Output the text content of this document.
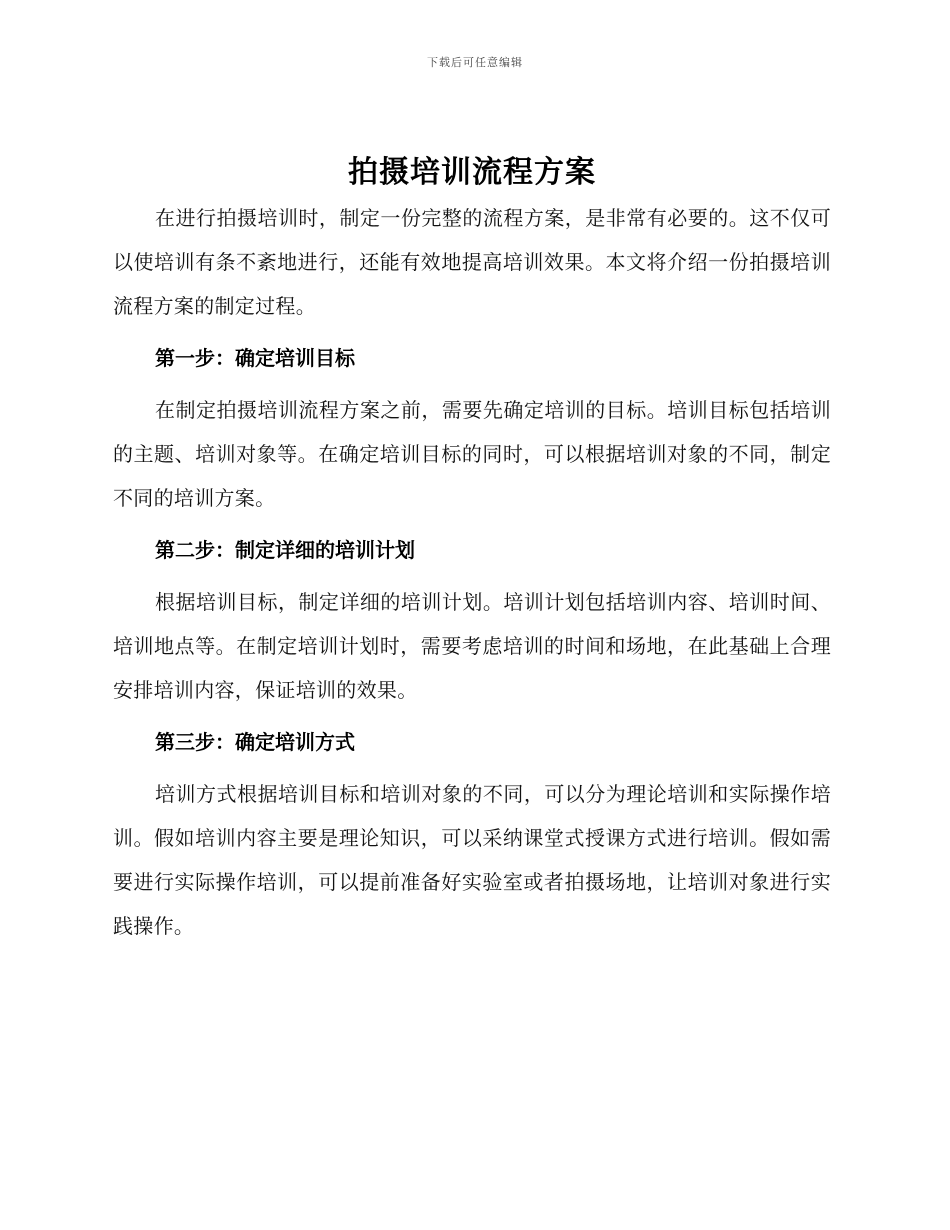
下载后可任意编辑
拍摄培训流程方案

在进行拍摄培训时，制定一份完整的流程方案，是非常有必要的。这不仅可以使培训有条不紊地进行，还能有效地提高培训效果。本文将介绍一份拍摄培训流程方案的制定过程。

第一步：确定培训目标

在制定拍摄培训流程方案之前，需要先确定培训的目标。培训目标包括培训的主题、培训对象等。在确定培训目标的同时，可以根据培训对象的不同，制定不同的培训方案。

第二步：制定详细的培训计划

根据培训目标，制定详细的培训计划。培训计划包括培训内容、培训时间、培训地点等。在制定培训计划时，需要考虑培训的时间和场地，在此基础上合理安排培训内容，保证培训的效果。

第三步：确定培训方式

培训方式根据培训目标和培训对象的不同，可以分为理论培训和实际操作培训。假如培训内容主要是理论知识，可以采纳课堂式授课方式进行培训。假如需要进行实际操作培训，可以提前准备好实验室或者拍摄场地，让培训对象进行实践操作。
